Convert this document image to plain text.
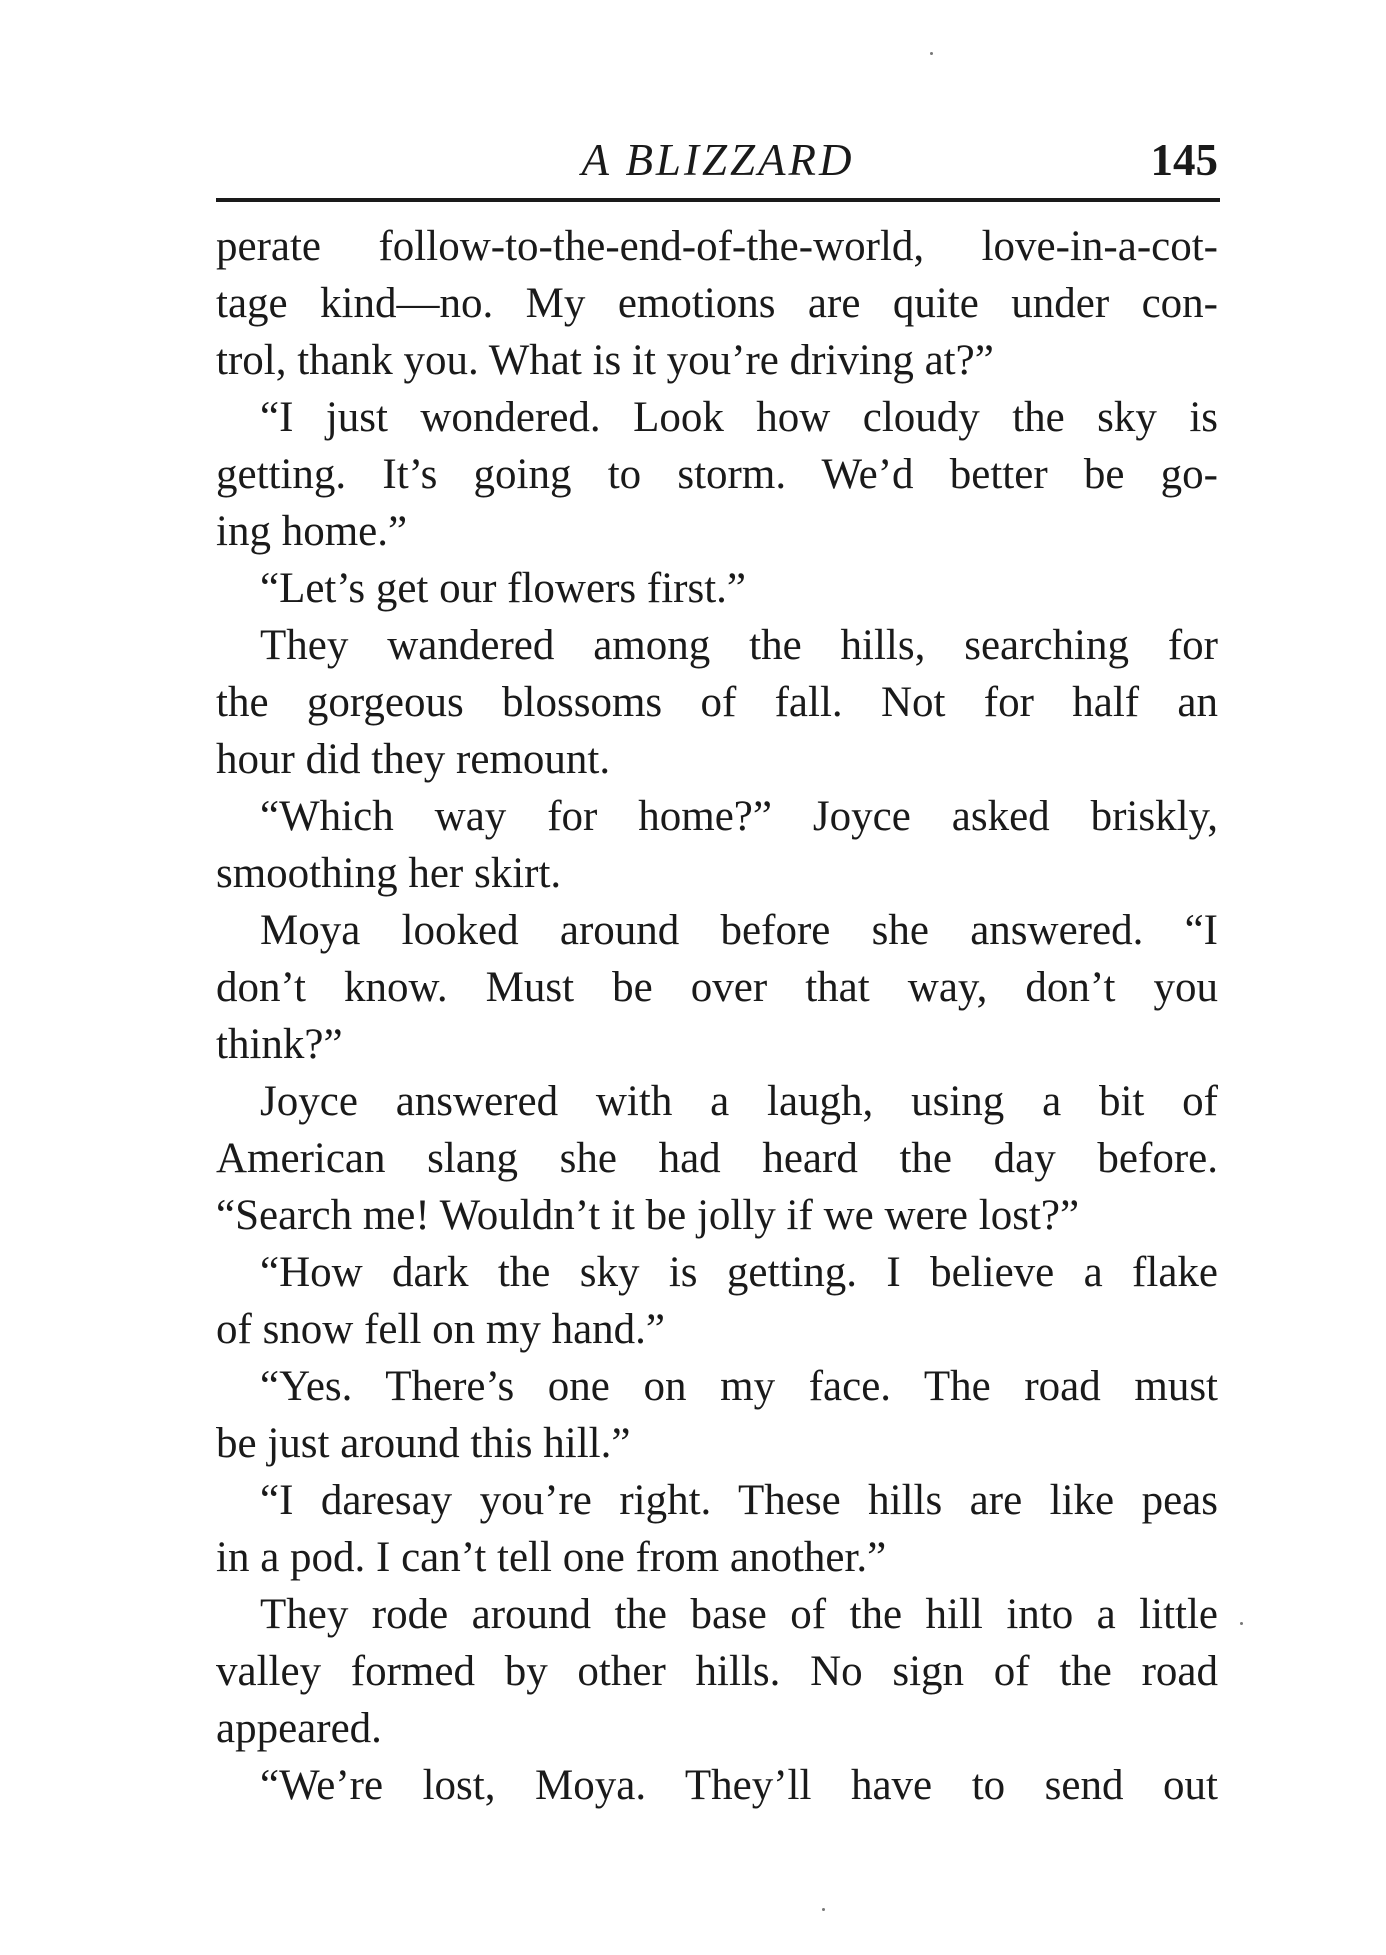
A BLIZZARD	145
perate follow-to-the-end-of-the-world, love-in-a-cot-
tage kind—no. My emotions are quite under con-
trol, thank you. What is it you’re driving at?”
“I just wondered. Look how cloudy the sky is
getting. It’s going to storm. We’d better be go-
ing home.”
“Let’s get our flowers first.”
They wandered among the hills, searching for
the gorgeous blossoms of fall. Not for half an
hour did they remount.
“Which way for home?” Joyce asked briskly,
smoothing her skirt.
Moya looked around before she answered. “I
don’t know. Must be over that way, don’t you
think?”
Joyce answered with a laugh, using a bit of
American slang she had heard the day before.
“Search me! Wouldn’t it be jolly if we were lost?”
“How dark the sky is getting. I believe a flake
of snow fell on my hand.”
“Yes. There’s one on my face. The road must
be just around this hill.”
“I daresay you’re right. These hills are like peas
in a pod. I can’t tell one from another.”
They rode around the base of the hill into a little
valley formed by other hills. No sign of the road
appeared.
“We’re lost, Moya. They’ll have to send out
